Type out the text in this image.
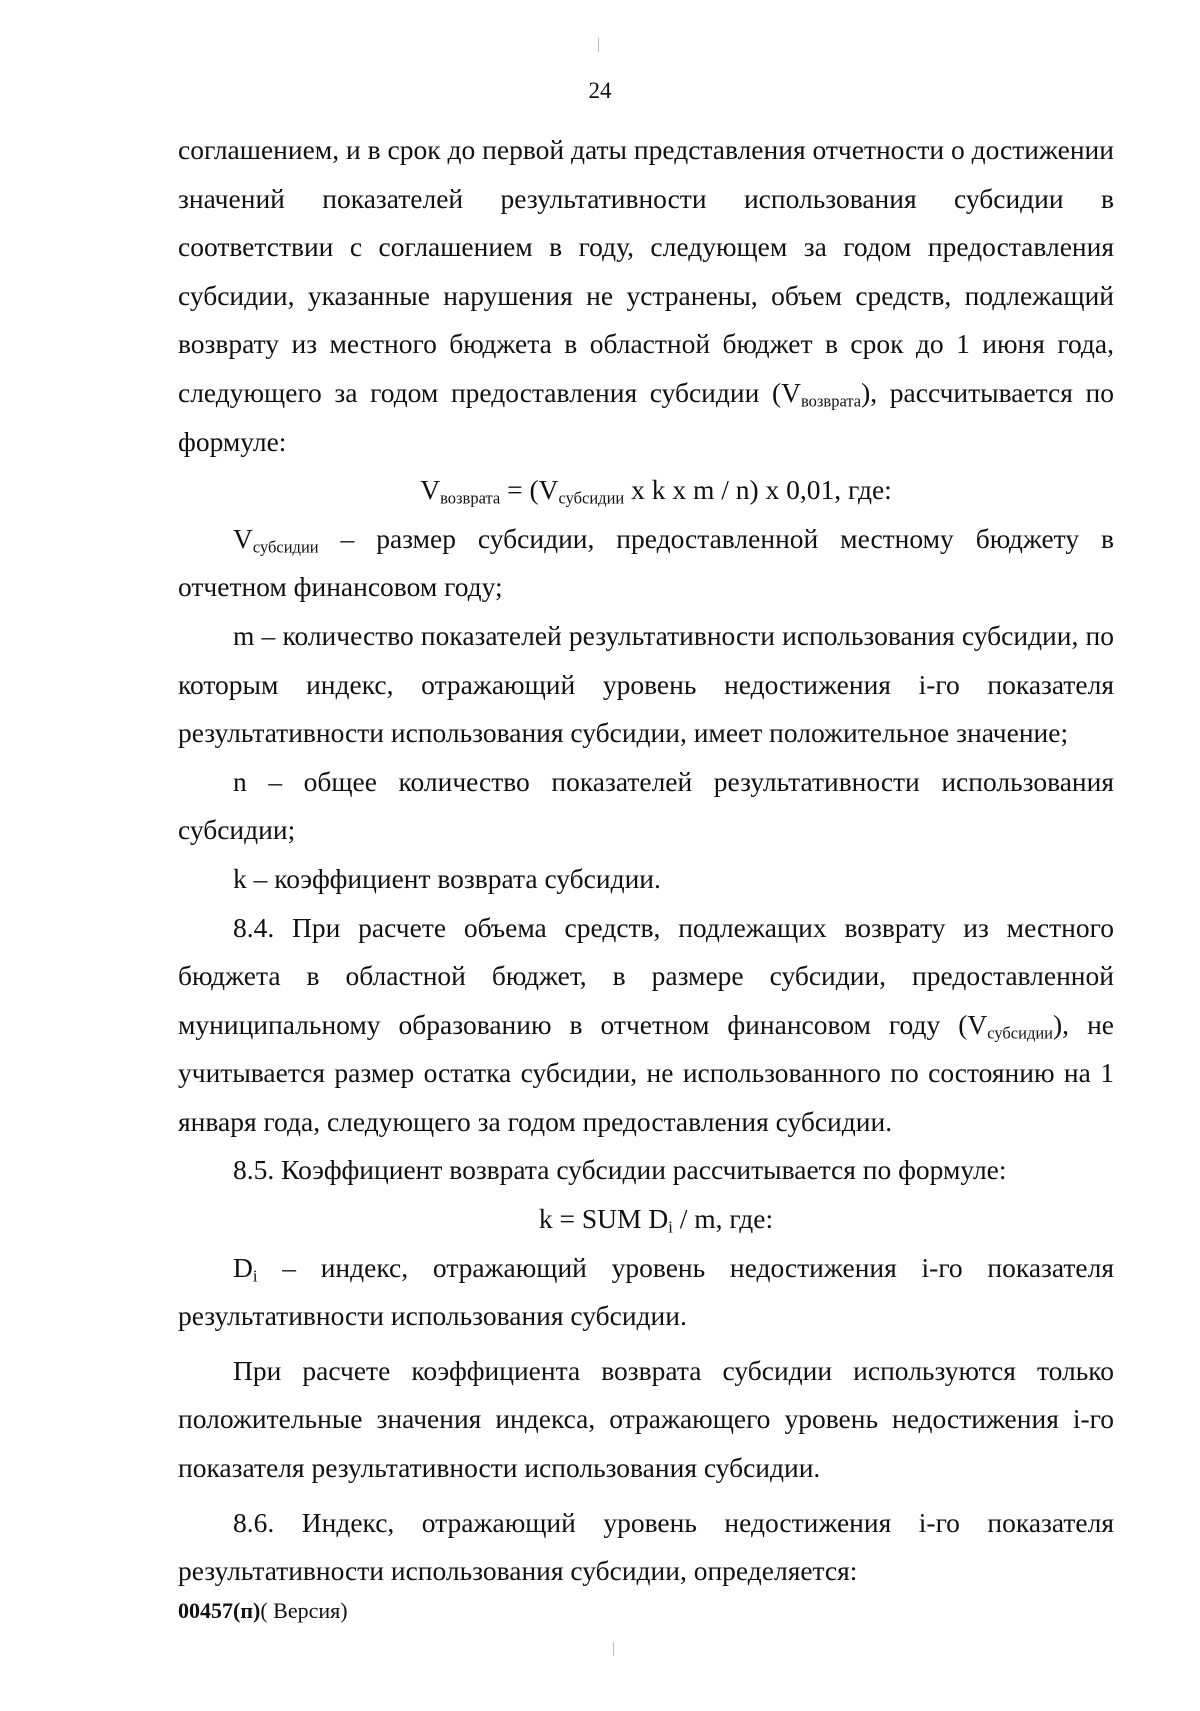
24

соглашением, и в срок до первой даты представления отчетности о достижении значений показателей результативности использования субсидии в соответствии с соглашением в году, следующем за годом предоставления субсидии, указанные нарушения не устранены, объем средств, подлежащий возврату из местного бюджета в областной бюджет в срок до 1 июня года, следующего за годом предоставления субсидии $(V_{возврата})$, рассчитывается по формуле:

$V_{возврата} = (V_{субсидии}$ x k x m / n) x 0,01, где:

$V_{субсидии}$ – размер субсидии, предоставленной местному бюджету в отчетном финансовом году;

m – количество показателей результативности использования субсидии, по которым индекс, отражающий уровень недостижения i-го показателя результативности использования субсидии, имеет положительное значение;

n – общее количество показателей результативности использования субсидии;

k – коэффициент возврата субсидии.

8.4. При расчете объема средств, подлежащих возврату из местного бюджета в областной бюджет, в размере субсидии, предоставленной муниципальному образованию в отчетном финансовом году $(V_{субсидии})$, не учитывается размер остатка субсидии, не использованного по состоянию на 1 января года, следующего за годом предоставления субсидии.

8.5. Коэффициент возврата субсидии рассчитывается по формуле:

k = SUM $D_i$ / m, где:

$D_i$ – индекс, отражающий уровень недостижения i-го показателя результативности использования субсидии.

При расчете коэффициента возврата субсидии используются только положительные значения индекса, отражающего уровень недостижения i-го показателя результативности использования субсидии.

8.6. Индекс, отражающий уровень недостижения i-го показателя результативности использования субсидии, определяется:

00457(п)( Версия)
